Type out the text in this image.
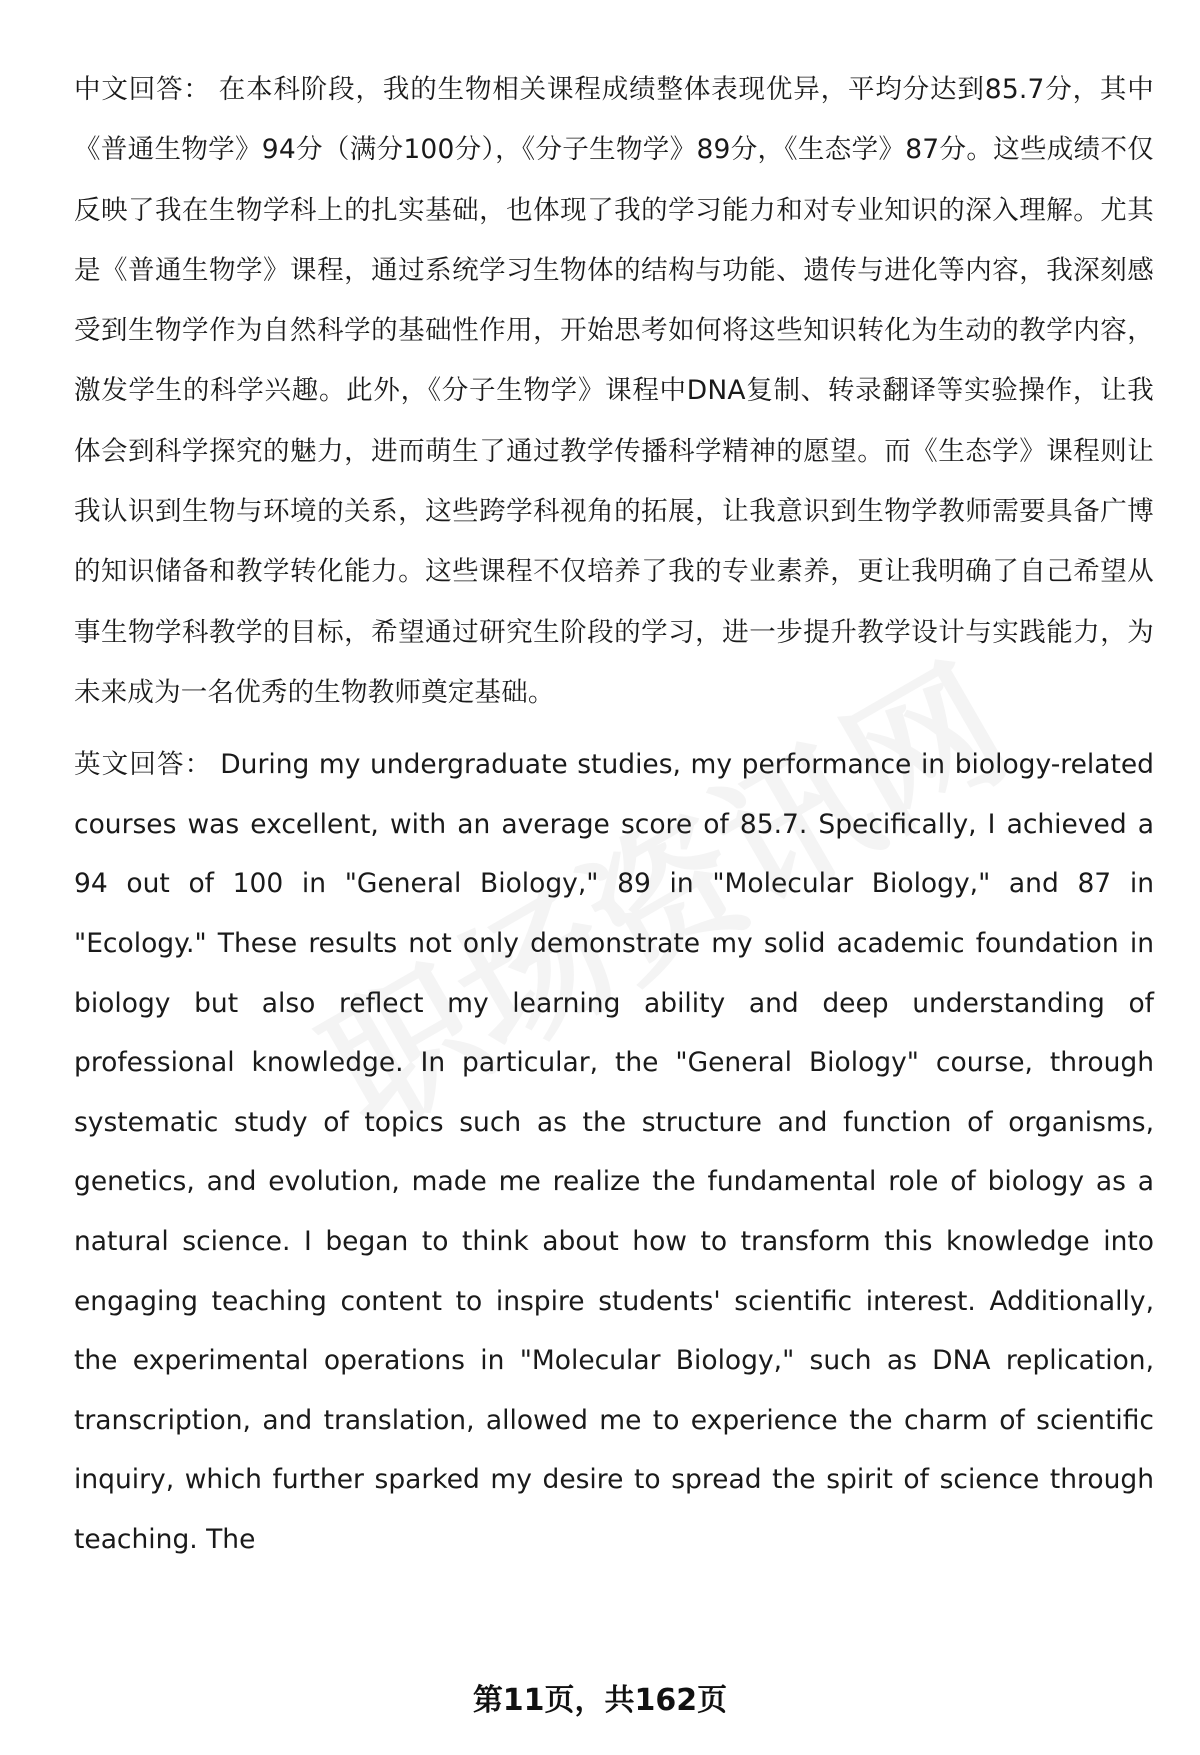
中文回答： 在本科阶段，我的生物相关课程成绩整体表现优异，平均分达到85.7分，其中《普通生物学》94分（满分100分），《分子生物学》89分，《生态学》87分。这些成绩不仅反映了我在生物学科上的扎实基础，也体现了我的学习能力和对专业知识的深入理解。尤其是《普通生物学》课程，通过系统学习生物体的结构与功能、遗传与进化等内容，我深刻感受到生物学作为自然科学的基础性作用，开始思考如何将这些知识转化为生动的教学内容，激发学生的科学兴趣。此外，《分子生物学》课程中DNA复制、转录翻译等实验操作，让我体会到科学探究的魅力，进而萌生了通过教学传播科学精神的愿望。而《生态学》课程则让我认识到生物与环境的关系，这些跨学科视角的拓展，让我意识到生物学教师需要具备广博的知识储备和教学转化能力。这些课程不仅培养了我的专业素养，更让我明确了自己希望从事生物学科教学的目标，希望通过研究生阶段的学习，进一步提升教学设计与实践能力，为未来成为一名优秀的生物教师奠定基础。

英文回答： During my undergraduate studies, my performance in biology-related courses was excellent, with an average score of 85.7. Specifically, I achieved a 94 out of 100 in "General Biology," 89 in "Molecular Biology," and 87 in "Ecology." These results not only demonstrate my solid academic foundation in biology but also reflect my learning ability and deep understanding of professional knowledge. In particular, the "General Biology" course, through systematic study of topics such as the structure and function of organisms, genetics, and evolution, made me realize the fundamental role of biology as a natural science. I began to think about how to transform this knowledge into engaging teaching content to inspire students' scientific interest. Additionally, the experimental operations in "Molecular Biology," such as DNA replication, transcription, and translation, allowed me to experience the charm of scientific inquiry, which further sparked my desire to spread the spirit of science through teaching. The

第11页，共162页
